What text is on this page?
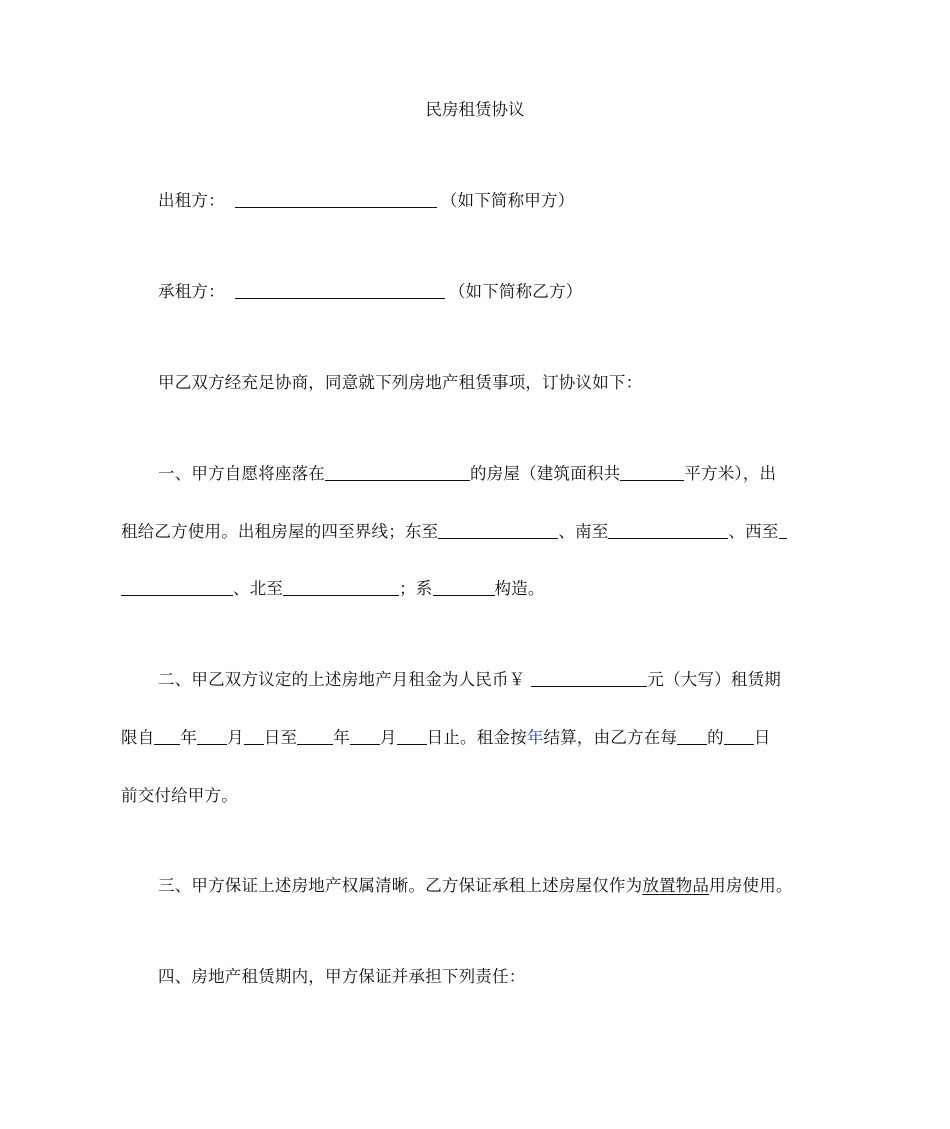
民房租赁协议
出租方：	（如下简称甲方）
承租方：	（如下简称乙方）
甲乙双方经充足协商，同意就下列房地产租赁事项，订协议如下：
一、甲方自愿将座落在	的房屋（建筑面积共	平方米），出
租给乙方使用。出租房屋的四至界线；东至	、南至	、西至
、北至	；系	构造。
二、甲乙双方议定的上述房地产月租金为人民币￥	元（大写）租赁期
限自 年 月 日至 年 月 日止。租金按年结算，由乙方在每 的 日
前交付给甲方。
三、甲方保证上述房地产权属清晰。乙方保证承租上述房屋仅作为放置物品用房使用。
四、房地产租赁期内，甲方保证并承担下列责任：
